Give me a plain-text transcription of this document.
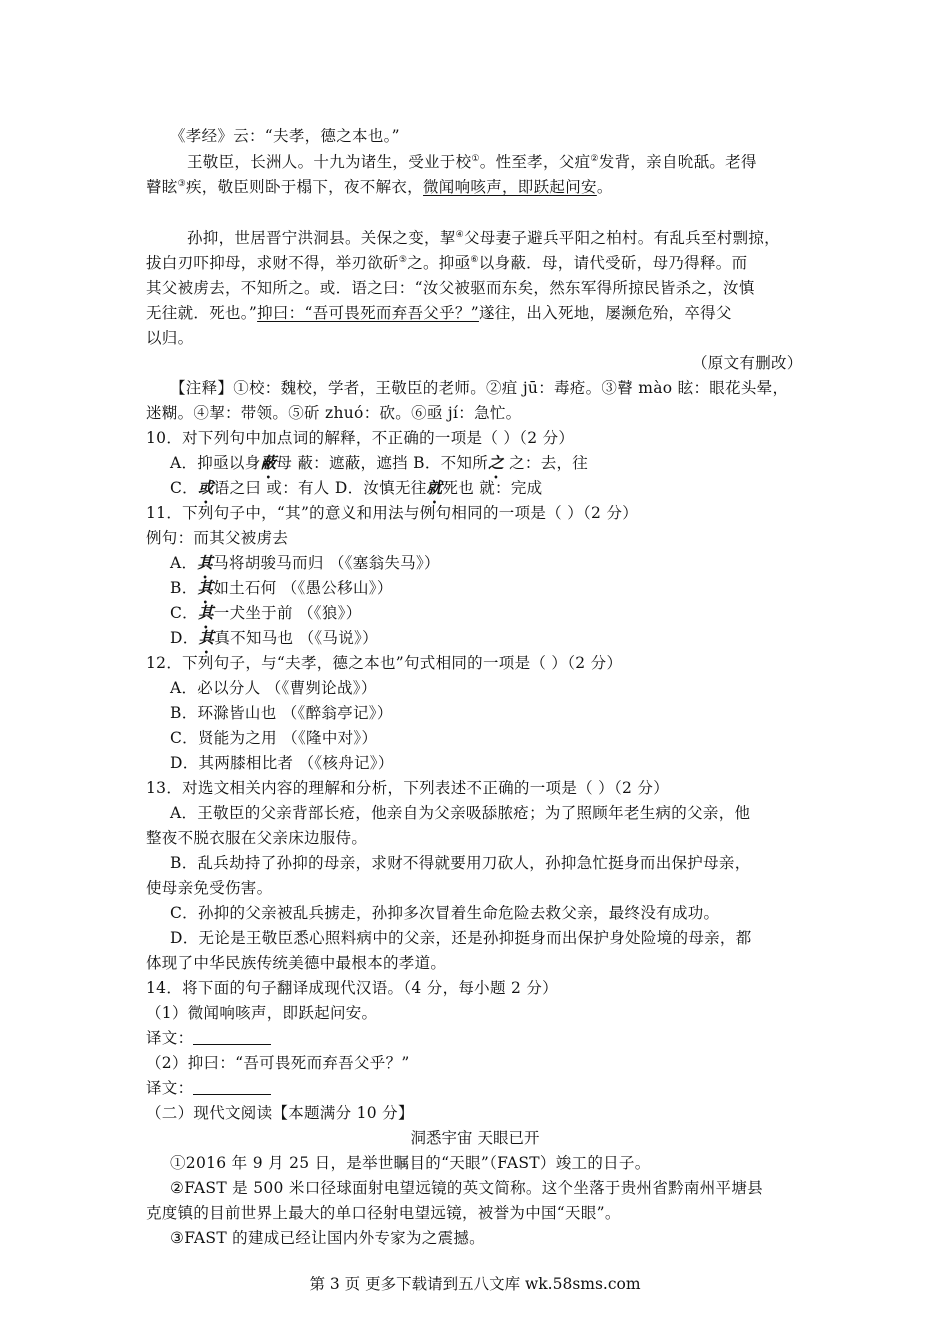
《孝经》云：“夫孝，德之本也。”
王敬臣，长洲人。十九为诸生，受业于校①。性至孝，父疽②发背，亲自吮舐。老得
瞽眩③疾，敬臣则卧于榻下，夜不解衣，微闻响咳声，即跃起问安。
孙抑，世居晋宁洪洞县。关保之变，挈④父母妻子避兵平阳之柏村。有乱兵至村剽掠，
拔白刃吓抑母，求财不得，举刃欲斫⑤之。抑亟⑥以身蔽．母，请代受斫，母乃得释。而
其父被虏去，不知所之。或．语之曰：“汝父被驱而东矣，然东军得所掠民皆杀之，汝慎
无往就．死也。”抑曰：“吾可畏死而弃吾父乎？”遂往，出入死地，屡濒危殆，卒得父
以归。
（原文有删改）
【注释】①校：魏校，学者，王敬臣的老师。②疽 jū：毒疮。③瞽 mào 眩：眼花头晕，
迷糊。④挈：带领。⑤斫 zhuó：砍。⑥亟 jí：急忙。
10．对下列句中加点词的解释，不正确的一项是（ ）（2 分）
A．抑亟以身蔽母 蔽：遮蔽，遮挡 B．不知所之 之：去，往
C．或语之曰 或：有人 D．汝慎无往就死也 就：完成
11．下列句子中，“其”的意义和用法与例句相同的一项是（ ）（2 分）
例句：而其父被虏去
A．其马将胡骏马而归 （《塞翁失马》）
B．其如土石何 （《愚公移山》）
C．其一犬坐于前 （《狼》）
D．其真不知马也 （《马说》）
12．下列句子，与“夫孝，德之本也”句式相同的一项是（ ）（2 分）
A．必以分人 （《曹刿论战》）
B．环滁皆山也 （《醉翁亭记》）
C．贤能为之用 （《隆中对》）
D．其两膝相比者 （《核舟记》）
13．对选文相关内容的理解和分析，下列表述不正确的一项是（ ）（2 分）
A．王敬臣的父亲背部长疮，他亲自为父亲吸舔脓疮；为了照顾年老生病的父亲，他
整夜不脱衣服在父亲床边服侍。
B．乱兵劫持了孙抑的母亲，求财不得就要用刀砍人，孙抑急忙挺身而出保护母亲，
使母亲免受伤害。
C．孙抑的父亲被乱兵掳走，孙抑多次冒着生命危险去救父亲，最终没有成功。
D．无论是王敬臣悉心照料病中的父亲，还是孙抑挺身而出保护身处险境的母亲，都
体现了中华民族传统美德中最根本的孝道。
14．将下面的句子翻译成现代汉语。（4 分，每小题 2 分）
（1）微闻响咳声，即跃起问安。
译文：
（2）抑曰：“吾可畏死而弃吾父乎？”
译文：
（二）现代文阅读【本题满分 10 分】
洞悉宇宙 天眼已开
①2016 年 9 月 25 日，是举世瞩目的“天眼”（FAST）竣工的日子。
②FAST 是 500 米口径球面射电望远镜的英文简称。这个坐落于贵州省黔南州平塘县
克度镇的目前世界上最大的单口径射电望远镜，被誉为中国“天眼”。
③FAST 的建成已经让国内外专家为之震撼。
第 3 页 更多下载请到五八文库 wk.58sms.com
